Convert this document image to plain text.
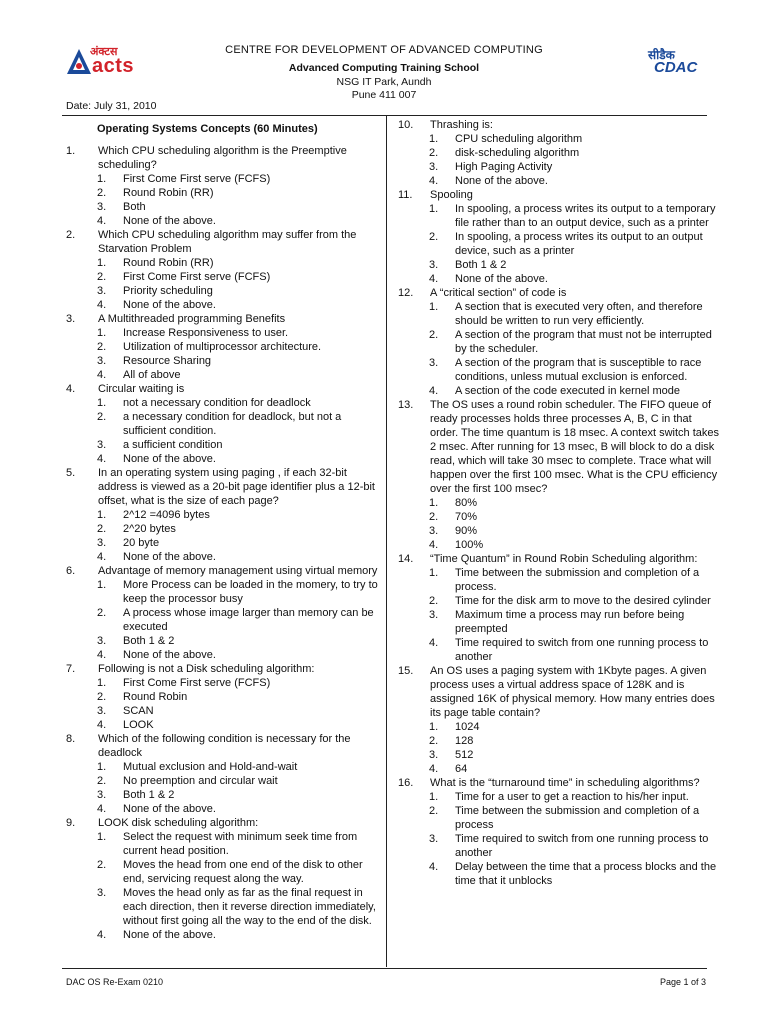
अंक्टस
acts	सीडैक
CDAC
CENTRE FOR DEVELOPMENT OF ADVANCED COMPUTING
Advanced Computing Training School
NSG IT Park, Aundh
Pune 411 007
Date: July 31, 2010
Operating Systems Concepts (60 Minutes)
1.	Which CPU scheduling algorithm is the Preemptive scheduling?
1.	First Come First serve (FCFS)
2.	Round Robin (RR)
3.	Both
4.	None of the above.
2.	Which CPU scheduling algorithm may suffer from the Starvation Problem
1.	Round Robin (RR)
2.	First Come First serve (FCFS)
3.	Priority scheduling
4.	None of the above.
3.	A Multithreaded programming Benefits
1.	Increase Responsiveness to user.
2.	Utilization of multiprocessor architecture.
3.	Resource Sharing
4.	All of above
4.	Circular waiting is
1.	not a necessary condition for deadlock
2.	a necessary condition for deadlock, but not a sufficient condition.
3.	a sufficient condition
4.	None of the above.
5.	In an operating system using paging , if each 32-bit address is viewed as a 20-bit page identifier plus a 12-bit offset, what is the size of each page?
1.	2^12 =4096 bytes
2.	2^20 bytes
3.	20 byte
4.	None of the above.
6.	Advantage of memory management using virtual memory
1.	More Process can be loaded in the momery, to try to keep the processor busy
2.	A process whose image larger than memory can be executed
3.	Both 1 & 2
4.	None of the above.
7.	Following is not a Disk scheduling algorithm:
1.	First Come First serve (FCFS)
2.	Round Robin
3.	SCAN
4.	LOOK
8.	Which of the following condition is necessary for the deadlock
1.	Mutual exclusion and Hold-and-wait
2.	No preemption and circular wait
3.	Both 1 & 2
4.	None of the above.
9.	LOOK disk scheduling algorithm:
1.	Select the request with minimum seek time from current head position.
2.	Moves the head from one end of the disk to other end, servicing request along the way.
3.	Moves the head only as far as the final request in each direction, then it reverse direction immediately, without first going all the way to the end of the disk.
4.	None of the above.
10.	Thrashing is:
1.	CPU scheduling algorithm
2.	disk-scheduling algorithm
3.	High Paging Activity
4.	None of the above.
11.	Spooling
1.	In spooling, a process writes its output to a temporary file rather than to an output device, such as a printer
2.	In spooling, a process writes its output to an output device, such as a printer
3.	Both 1 & 2
4.	None of the above.
12.	A “critical section” of code is
1.	A section that is executed very often, and therefore should be written to run very efficiently.
2.	A section of the program that must not be interrupted by the scheduler.
3.	A section of the program that is susceptible to race conditions, unless mutual exclusion is enforced.
4.	A section of the code executed in kernel mode
13.	The OS uses a round robin scheduler. The FIFO queue of ready processes holds three processes A, B, C in that order. The time quantum is 18 msec. A context switch takes 2 msec. After running for 13 msec, B will block to do a disk read, which will take 30 msec to complete. Trace what will happen over the first 100 msec. What is the CPU efficiency over the first 100 msec?
1.	80%
2.	70%
3.	90%
4.	100%
14.	“Time Quantum” in Round Robin Scheduling algorithm:
1.	Time between the submission and completion of a process.
2.	Time for the disk arm to move to the desired cylinder
3.	Maximum time a process may run before being preempted
4.	Time required to switch from one running process to another
15.	An OS uses a paging system with 1Kbyte pages. A given process uses a virtual address space of 128K and is assigned 16K of physical memory. How many entries does its page table contain?
1.	1024
2.	128
3.	512
4.	64
16.	What is the “turnaround time” in scheduling algorithms?
1.	Time for a user to get a reaction to his/her input.
2.	Time between the submission and completion of a process
3.	Time required to switch from one running process to another
4.	Delay between the time that a process blocks and the time that it unblocks
DAC OS Re-Exam 0210	Page 1 of 3
